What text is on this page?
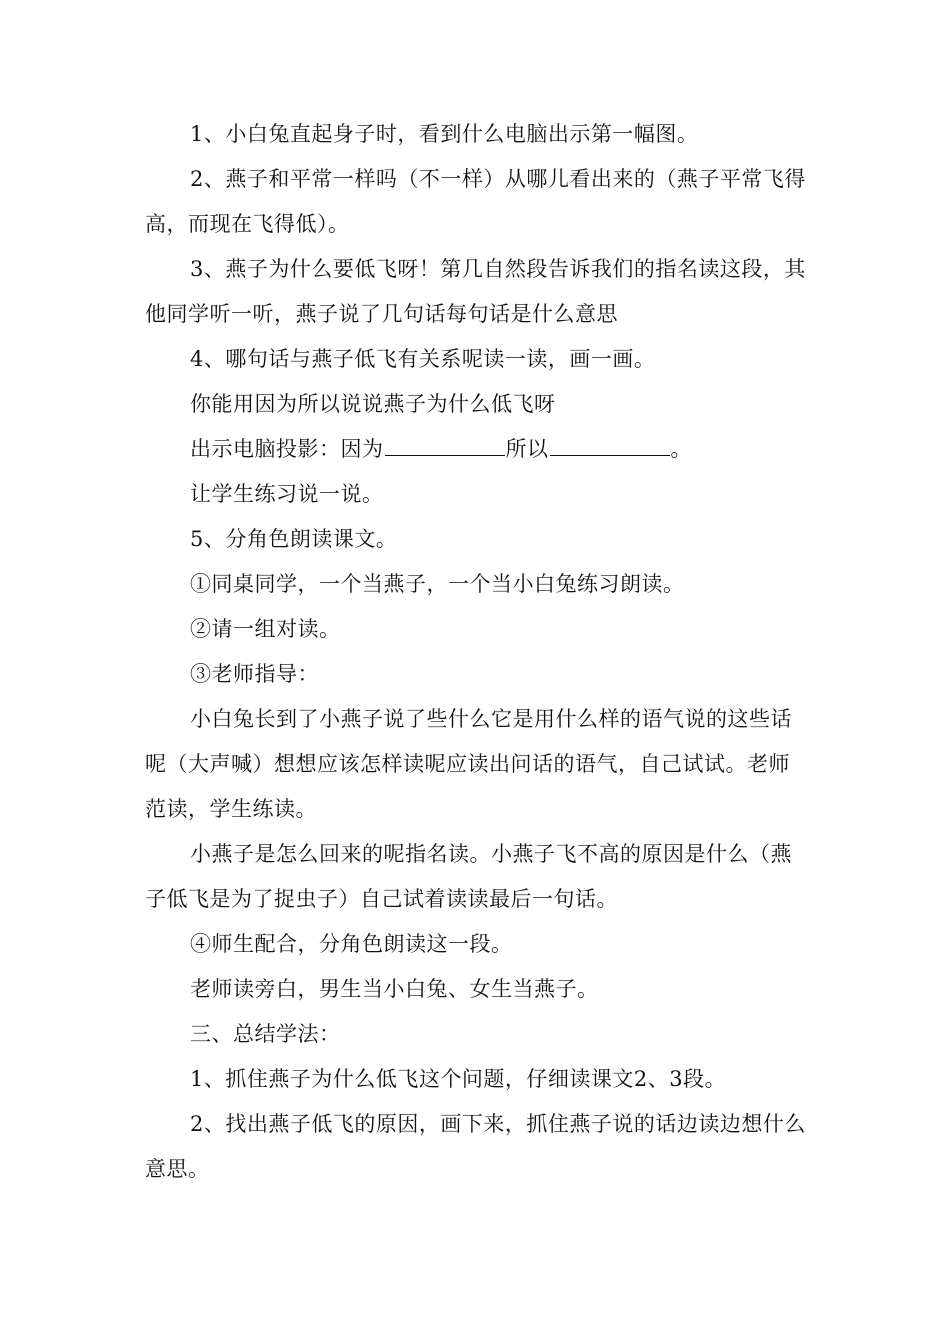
1、小白兔直起身子时，看到什么电脑出示第一幅图。

2、燕子和平常一样吗（不一样）从哪儿看出来的（燕子平常飞得高，而现在飞得低）。

3、燕子为什么要低飞呀！第几自然段告诉我们的指名读这段，其他同学听一听，燕子说了几句话每句话是什么意思

4、哪句话与燕子低飞有关系呢读一读，画一画。

你能用因为所以说说燕子为什么低飞呀

出示电脑投影：因为	所以	。

让学生练习说一说。

5、分角色朗读课文。

①同桌同学，一个当燕子，一个当小白兔练习朗读。

②请一组对读。

③老师指导：

小白兔长到了小燕子说了些什么它是用什么样的语气说的这些话呢（大声喊）想想应该怎样读呢应读出问话的语气，自己试试。老师范读，学生练读。

小燕子是怎么回来的呢指名读。小燕子飞不高的原因是什么（燕子低飞是为了捉虫子）自己试着读读最后一句话。

④师生配合，分角色朗读这一段。

老师读旁白，男生当小白兔、女生当燕子。

三、总结学法：

1、抓住燕子为什么低飞这个问题，仔细读课文2、3段。

2、找出燕子低飞的原因，画下来，抓住燕子说的话边读边想什么意思。
